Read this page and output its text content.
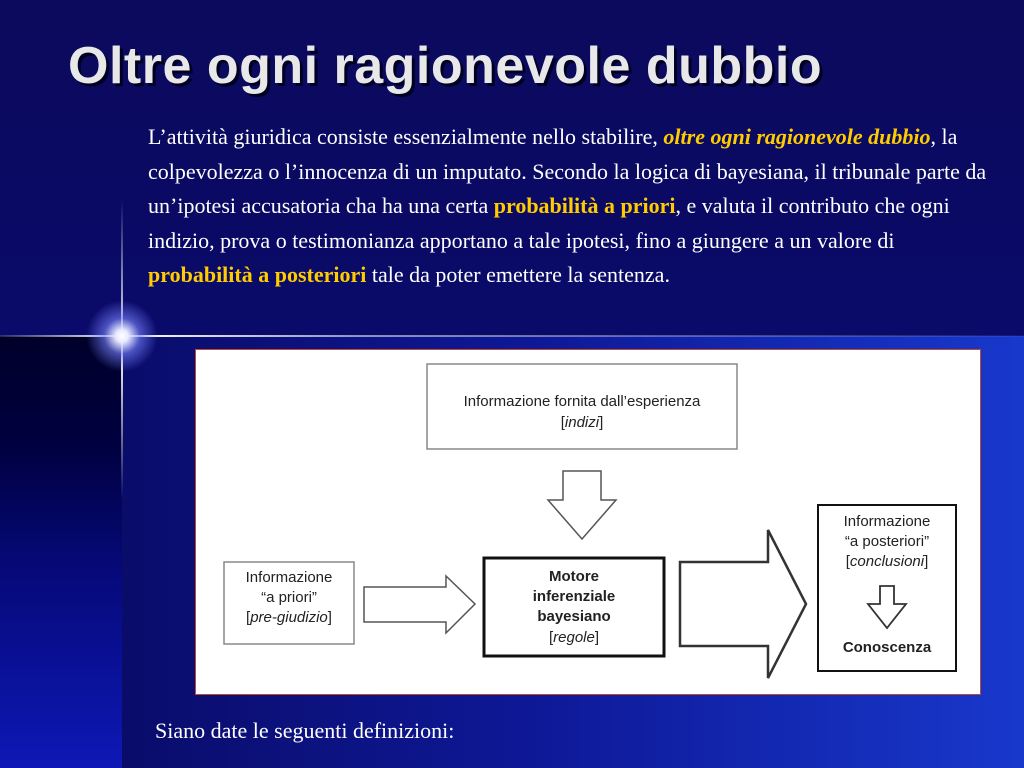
Oltre ogni ragionevole dubbio

L’attività giuridica consiste essenzialmente nello stabilire, oltre ogni ragionevole dubbio, la colpevolezza o l’innocenza di un imputato. Secondo la logica di bayesiana, il tribunale parte da un’ipotesi accusatoria cha ha una certa probabilità a priori, e valuta il contributo che ogni indizio, prova o testimonianza apportano a tale ipotesi, fino a giungere a un valore di probabilità a posteriori tale da poter emettere la sentenza.

Informazione fornita dall’esperienza
[indizi]
Informazione
“a priori”
[pre-giudizio]
Motore
inferenziale
bayesiano
[regole]
Informazione
“a posteriori”
[conclusioni]
Conoscenza

Siano date le seguenti definizioni:
